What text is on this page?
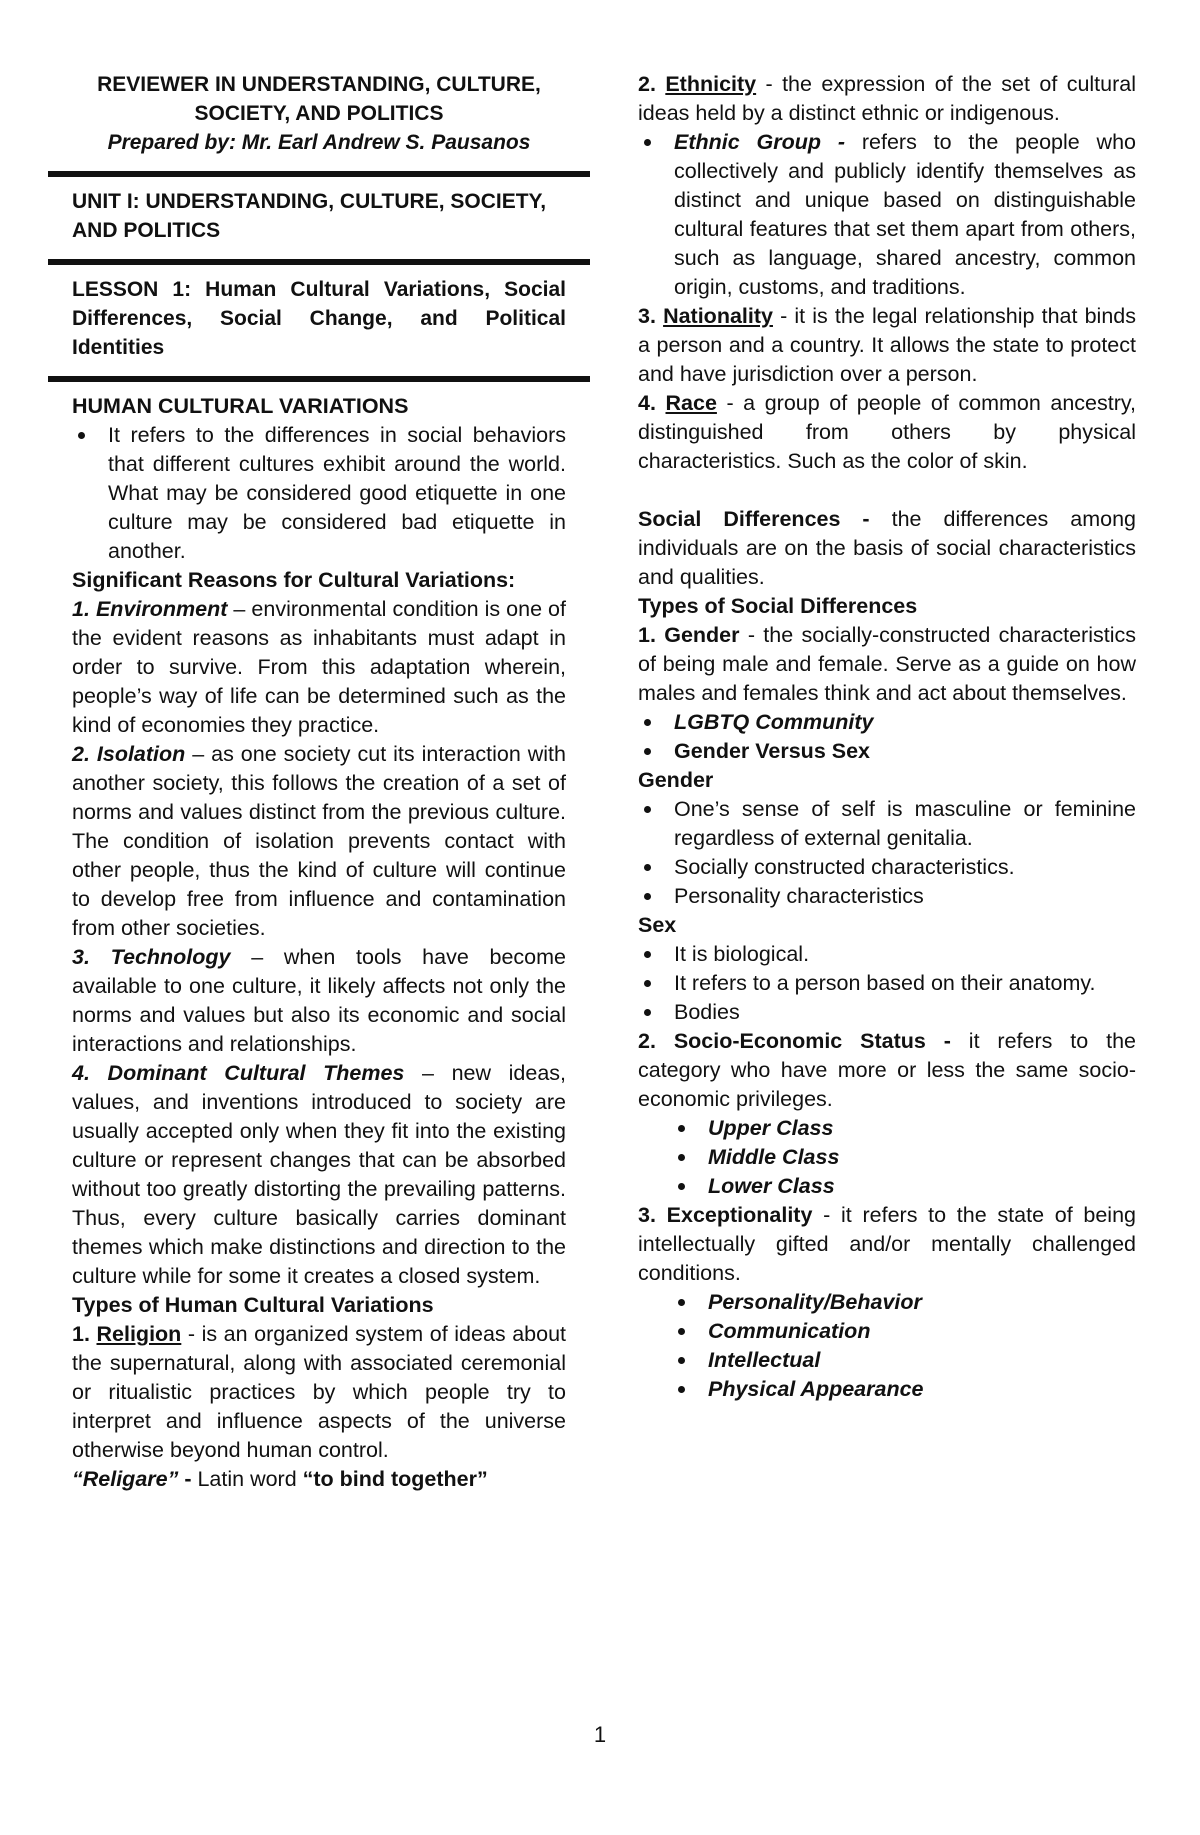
REVIEWER IN UNDERSTANDING, CULTURE,

SOCIETY, AND POLITICS

Prepared by: Mr. Earl Andrew S. Pausanos

UNIT I: UNDERSTANDING, CULTURE, SOCIETY, AND POLITICS

LESSON 1: Human Cultural Variations, Social Differences, Social Change, and Political Identities

HUMAN CULTURAL VARIATIONS

It refers to the differences in social behaviors that different cultures exhibit around the world. What may be considered good etiquette in one culture may be considered bad etiquette in another.

Significant Reasons for Cultural Variations:

1. Environment – environmental condition is one of the evident reasons as inhabitants must adapt in order to survive. From this adaptation wherein, people’s way of life can be determined such as the kind of economies they practice.

2. Isolation – as one society cut its interaction with another society, this follows the creation of a set of norms and values distinct from the previous culture. The condition of isolation prevents contact with other people, thus the kind of culture will continue to develop free from influence and contamination from other societies.

3. Technology – when tools have become available to one culture, it likely affects not only the norms and values but also its economic and social interactions and relationships.

4. Dominant Cultural Themes – new ideas, values, and inventions introduced to society are usually accepted only when they fit into the existing culture or represent changes that can be absorbed without too greatly distorting the prevailing patterns. Thus, every culture basically carries dominant themes which make distinctions and direction to the culture while for some it creates a closed system.

Types of Human Cultural Variations

1. Religion - is an organized system of ideas about the supernatural, along with associated ceremonial or ritualistic practices by which people try to interpret and influence aspects of the universe otherwise beyond human control.

“Religare” - Latin word “to bind together”

2. Ethnicity - the expression of the set of cultural ideas held by a distinct ethnic or indigenous.

Ethnic Group - refers to the people who collectively and publicly identify themselves as distinct and unique based on distinguishable cultural features that set them apart from others, such as language, shared ancestry, common origin, customs, and traditions.

3. Nationality - it is the legal relationship that binds a person and a country. It allows the state to protect and have jurisdiction over a person.

4. Race - a group of people of common ancestry, distinguished from others by physical characteristics. Such as the color of skin.

Social Differences - the differences among individuals are on the basis of social characteristics and qualities.

Types of Social Differences

1. Gender - the socially-constructed characteristics of being male and female. Serve as a guide on how males and females think and act about themselves.

LGBTQ Community
Gender Versus Sex

Gender

One’s sense of self is masculine or feminine regardless of external genitalia.
Socially constructed characteristics.
Personality characteristics

Sex

It is biological.
It refers to a person based on their anatomy.
Bodies

2. Socio-Economic Status - it refers to the category who have more or less the same socio-economic privileges.

Upper Class
Middle Class
Lower Class

3. Exceptionality - it refers to the state of being intellectually gifted and/or mentally challenged conditions.

Personality/Behavior
Communication
Intellectual
Physical Appearance
1
